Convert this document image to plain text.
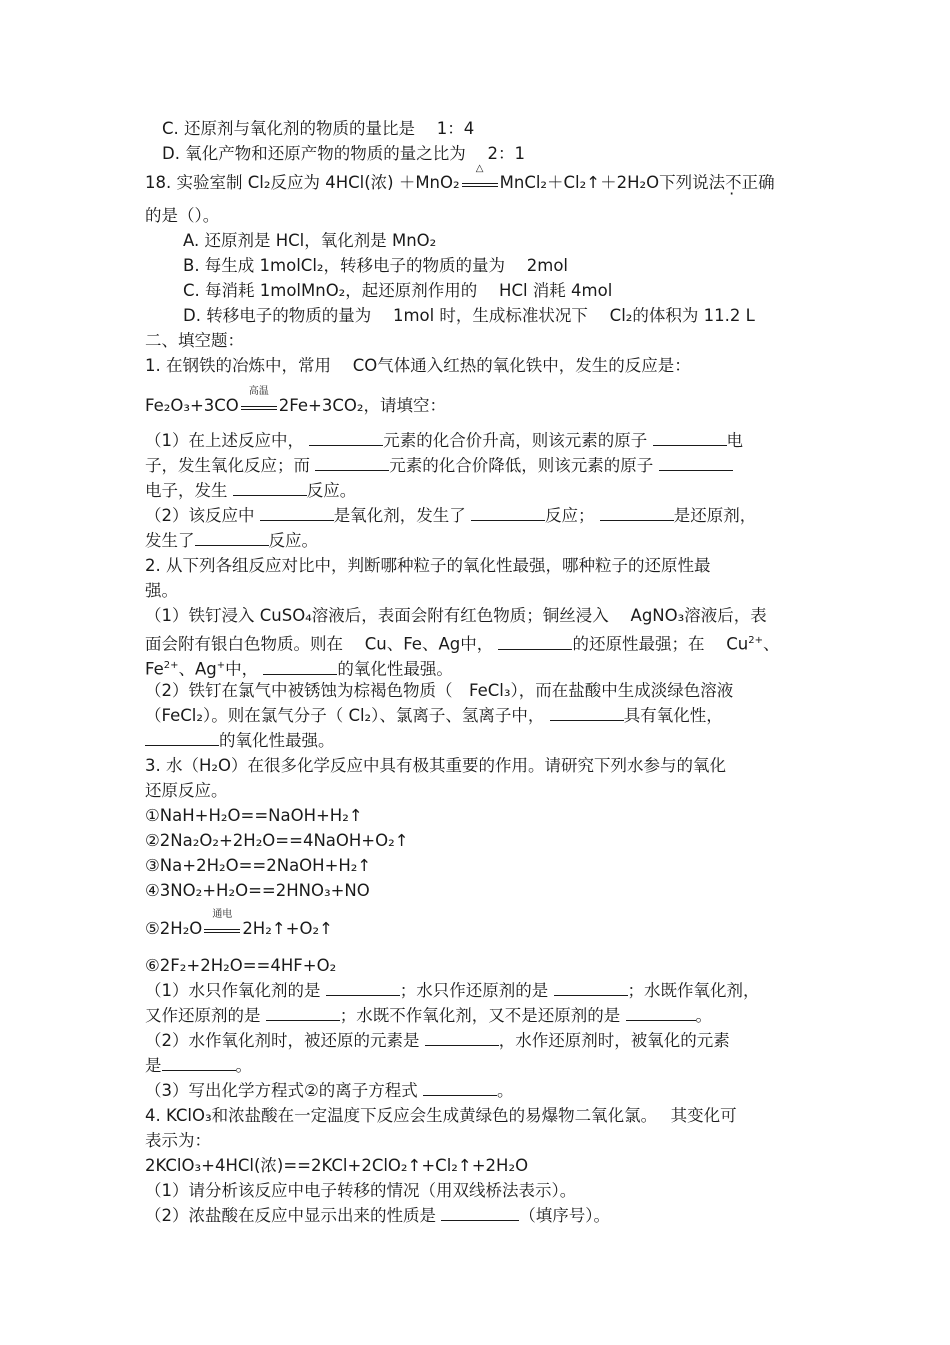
C. 还原剂与氧化剂的物质的量比是　 1：4
D. 氧化产物和还原产物的物质的量之比为　 2：1
18. 实验室制 Cl₂反应为 4HCl(浓) ＋MnO₂
△
MnCl₂＋Cl₂↑＋2H₂O下列说法不正确
的是（）。
A. 还原剂是 HCl，氧化剂是 MnO₂
B. 每生成 1molCl₂，转移电子的物质的量为　 2mol
C. 每消耗 1molMnO₂，起还原剂作用的　 HCl 消耗 4mol
D. 转移电子的物质的量为　 1mol 时，生成标准状况下　 Cl₂的体积为 11.2 L
二、填空题：
1. 在钢铁的冶炼中，常用　 CO气体通入红热的氧化铁中，发生的反应是：
Fe₂O₃+3CO
高温
2Fe+3CO₂，请填空：
（1）在上述反应中，	元素的化合价升高，则该元素的原子	电
子，发生氧化反应；而	元素的化合价降低，则该元素的原子
电子，发生	反应。
（2）该反应中	是氧化剂，发生了	反应；	是还原剂，
发生了	反应。
2. 从下列各组反应对比中，判断哪种粒子的氧化性最强，哪种粒子的还原性最
强。
（1）铁钉浸入 CuSO₄溶液后，表面会附有红色物质；铜丝浸入　 AgNO₃溶液后，表
面会附有银白色物质。则在　 Cu、Fe、Ag中，	的还原性最强；在　 $Cu^{2+}$、
$Fe^{2+}$、Ag+中，	的氧化性最强。
（2）铁钉在氯气中被锈蚀为棕褐色物质（　FeCl₃），而在盐酸中生成淡绿色溶液
（FeCl₂）。则在氯气分子（ Cl₂）、氯离子、氢离子中，	具有氧化性，
的氧化性最强。
3. 水（H₂O）在很多化学反应中具有极其重要的作用。请研究下列水参与的氧化
还原反应。
①NaH+H₂O==NaOH+H₂↑
②2Na₂O₂+2H₂O==4NaOH+O₂↑
③Na+2H₂O==2NaOH+H₂↑
④3NO₂+H₂O==2HNO₃+NO
⑤2H₂O
通电
2H₂↑+O₂↑
⑥2F₂+2H₂O==4HF+O₂
（1）水只作氧化剂的是	；水只作还原剂的是	；水既作氧化剂，
又作还原剂的是	；水既不作氧化剂，又不是还原剂的是	。
（2）水作氧化剂时，被还原的元素是	，水作还原剂时，被氧化的元素
是	。
（3）写出化学方程式②的离子方程式	。
4. KClO₃和浓盐酸在一定温度下反应会生成黄绿色的易爆物二氧化氯。　 其变化可
表示为：
2KClO₃+4HCl(浓)==2KCl+2ClO₂↑+Cl₂↑+2H₂O
（1）请分析该反应中电子转移的情况（用双线桥法表示）。
（2）浓盐酸在反应中显示出来的性质是	（填序号）。
